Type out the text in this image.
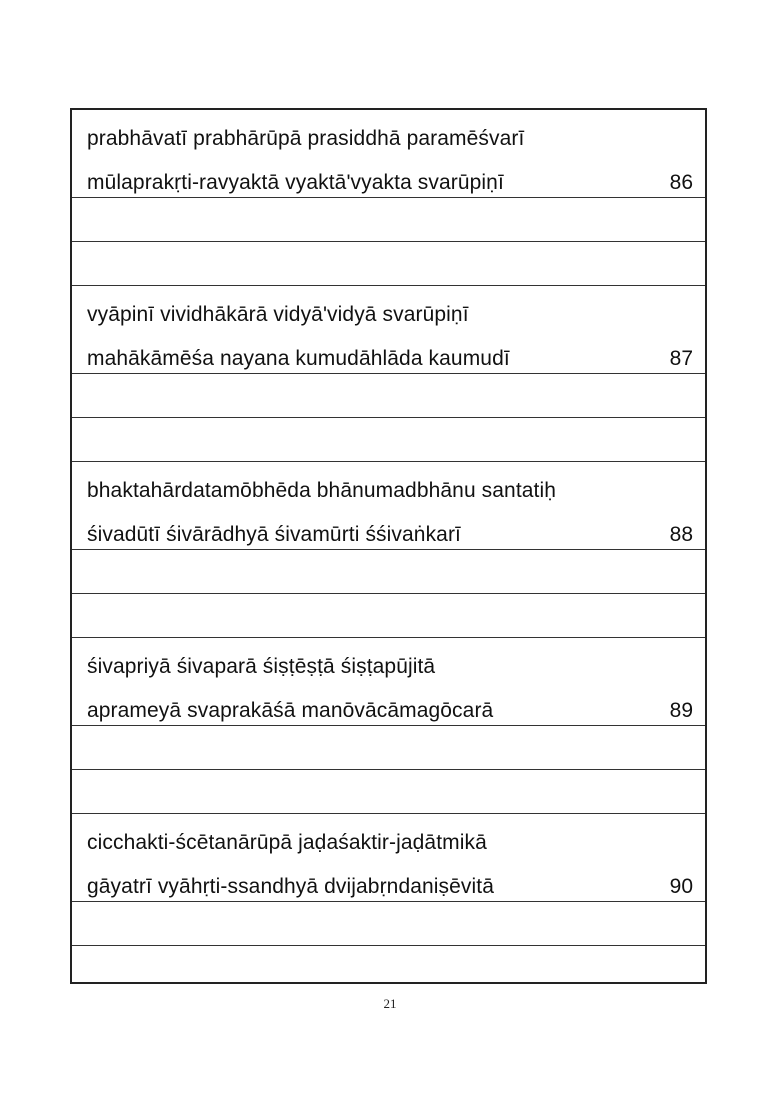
prabhāvatī prabhārūpā prasiddhā paramēśvarī
mūlaprakṛti-ravyaktā vyaktā'vyakta svarūpiṇī	86
vyāpinī vividhākārā vidyā'vidyā svarūpiṇī
mahākāmēśa nayana kumudāhlāda kaumudī	87
bhaktahārdatamōbhēda bhānumadbhānu santatiḥ
śivadūtī śivārādhyā śivamūrti śśivaṅkarī	88
śivapriyā śivaparā śiṣṭēṣṭā śiṣṭapūjitā
aprameyā svaprakāśā manōvācāmagōcarā	89
cicchakti-ścētanārūpā jaḍaśaktir-jaḍātmikā
gāyatrī vyāhṛti-ssandhyā dvijabṛndaniṣēvitā	90
21
